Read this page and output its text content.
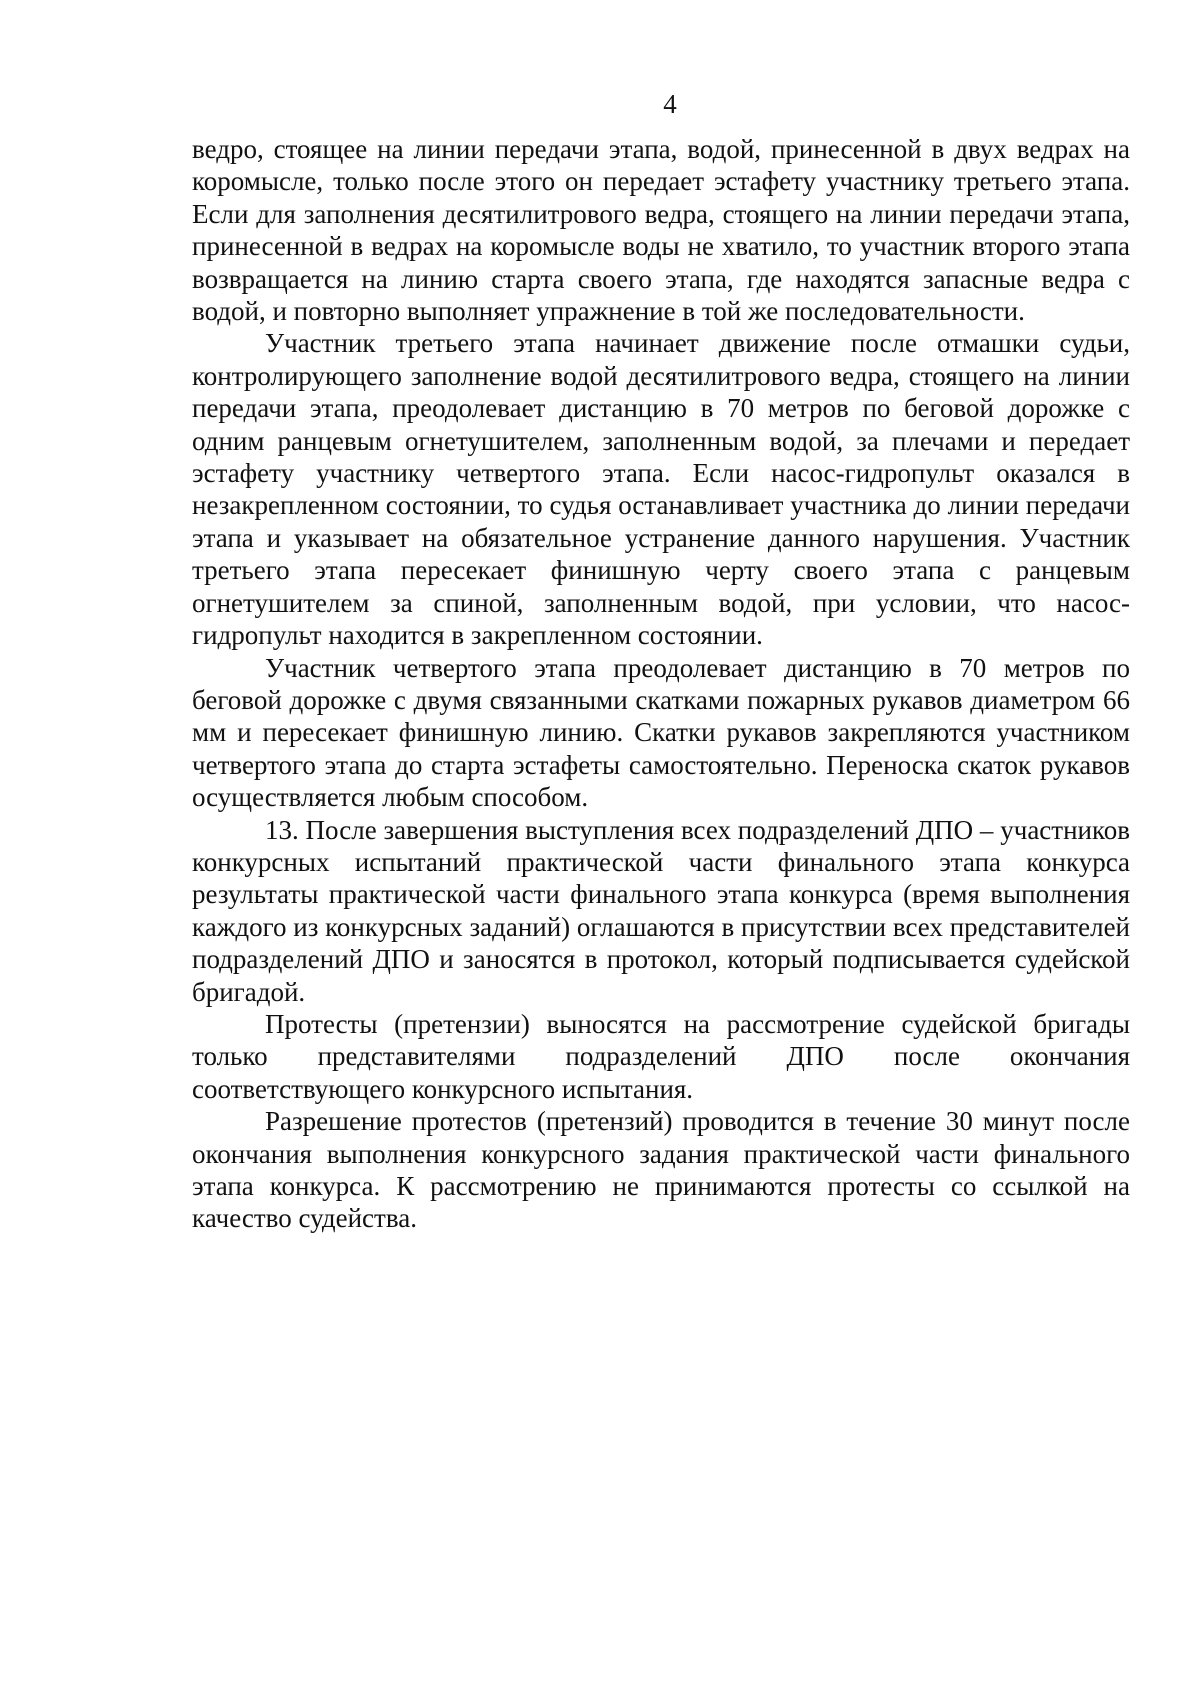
4

ведро, стоящее на линии передачи этапа, водой, принесенной в двух ведрах на коромысле, только после этого он передает эстафету участнику третьего этапа. Если для заполнения десятилитрового ведра, стоящего на линии передачи этапа, принесенной в ведрах на коромысле воды не хватило, то участник второго этапа возвращается на линию старта своего этапа, где находятся запасные ведра с водой, и повторно выполняет упражнение в той же последовательности.

Участник третьего этапа начинает движение после отмашки судьи, контролирующего заполнение водой десятилитрового ведра, стоящего на линии передачи этапа, преодолевает дистанцию в 70 метров по беговой дорожке с одним ранцевым огнетушителем, заполненным водой, за плечами и передает эстафету участнику четвертого этапа. Если насос-гидропульт оказался в незакрепленном состоянии, то судья останавливает участника до линии передачи этапа и указывает на обязательное устранение данного нарушения. Участник третьего этапа пересекает финишную черту своего этапа с ранцевым огнетушителем за спиной, заполненным водой, при условии, что насос-гидропульт находится в закрепленном состоянии.

Участник четвертого этапа преодолевает дистанцию в 70 метров по беговой дорожке с двумя связанными скатками пожарных рукавов диаметром 66 мм и пересекает финишную линию. Скатки рукавов закрепляются участником четвертого этапа до старта эстафеты самостоятельно. Переноска скаток рукавов осуществляется любым способом.

13. После завершения выступления всех подразделений ДПО – участников конкурсных испытаний практической части финального этапа конкурса результаты практической части финального этапа конкурса (время выполнения каждого из конкурсных заданий) оглашаются в присутствии всех представителей подразделений ДПО и заносятся в протокол, который подписывается судейской бригадой.

Протесты (претензии) выносятся на рассмотрение судейской бригады только представителями подразделений ДПО после окончания соответствующего конкурсного испытания.

Разрешение протестов (претензий) проводится в течение 30 минут после окончания выполнения конкурсного задания практической части финального этапа конкурса. К рассмотрению не принимаются протесты со ссылкой на качество судейства.
